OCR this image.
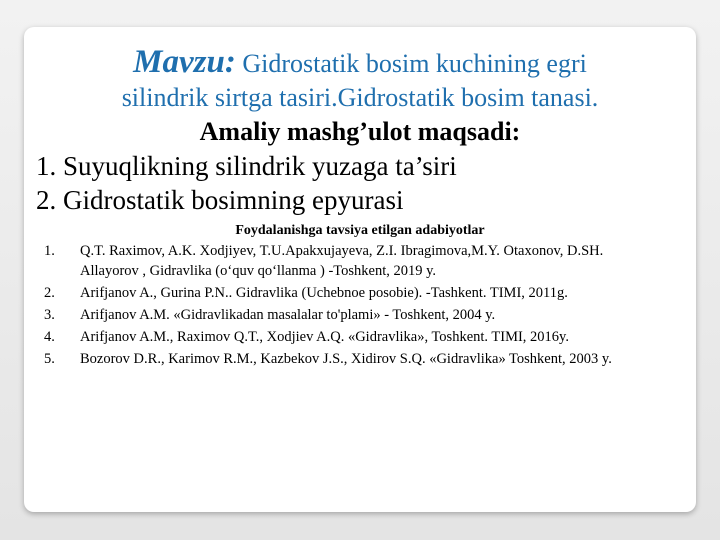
Mavzu: Gidrostatik bosim kuchining egri
silindrik sirtga tasiri.Gidrostatik bosim tanasi.
Amaliy mashg’ulot maqsadi:
1. Suyuqlikning silindrik yuzaga ta’siri
2. Gidrostatik bosimning epyurasi
Foydalanishga tavsiya etilgan adabiyotlar
1.	Q.T. Raximov, A.K. Xodjiyev, T.U.Apakxujayeva, Z.I. Ibragimova,M.Y. Otaxonov, D.SH. Allayorov , Gidravlika (o‘quv qo‘llanma ) -Toshkent, 2019 y.
2.	Arifjanov A., Gurina P.N.. Gidravlika (Uchebnoe posobie). -Tashkent. TIMI, 2011g.
3.	Arifjanov A.M. «Gidravlikadan masalalar to'plami» - Toshkent, 2004 y.
4.	Arifjanov A.M., Raximov Q.T., Xodjiev A.Q. «Gidravlika», Toshkent. TIMI, 2016y.
5.	Bozorov D.R., Karimov R.M., Kazbekov J.S., Xidirov S.Q. «Gidravlika» Toshkent, 2003 y.
